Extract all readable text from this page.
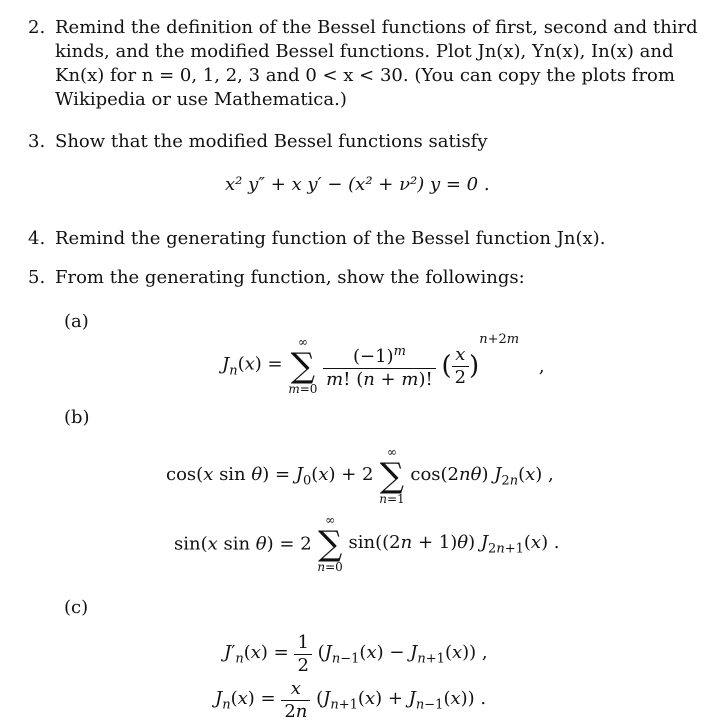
2. Remind the definition of the Bessel functions of first, second and third
kinds, and the modified Bessel functions. Plot Jn(x), Yn(x), In(x) and
Kn(x) for n = 0, 1, 2, 3 and 0 < x < 30. (You can copy the plots from
Wikipedia or use Mathematica.)
3. Show that the modified Bessel functions satisfy
x² y″ + x y′ − (x² + ν²) y = 0 .
4. Remind the generating function of the Bessel function Jn(x).
5. From the generating function, show the followings:
(a)
$J_n(x)$ =
∞
∑
m=0
$\frac{(-1)^m}{m! (n + m)!}$ ( $\frac{x}{2} )^{n+2m}$ ,
(b)
cos(x $\sin \theta) = J_0(x) + 2$
∞
∑
n=1
cos(2nθ) $J_{2n}(x)$ ,
sin(x sin θ) = 2
∞
∑
n=0
sin((2n + 1)θ) $J_{2n+1}(x)$ .
(c)
$J'_n(x) = \frac{1}{2} (J_{n-1}(x) - J_{n+1}(x))$ ,
$J_n(x) = \frac{x}{2n} (J_{n+1}(x) + J_{n-1}(x))$ .
